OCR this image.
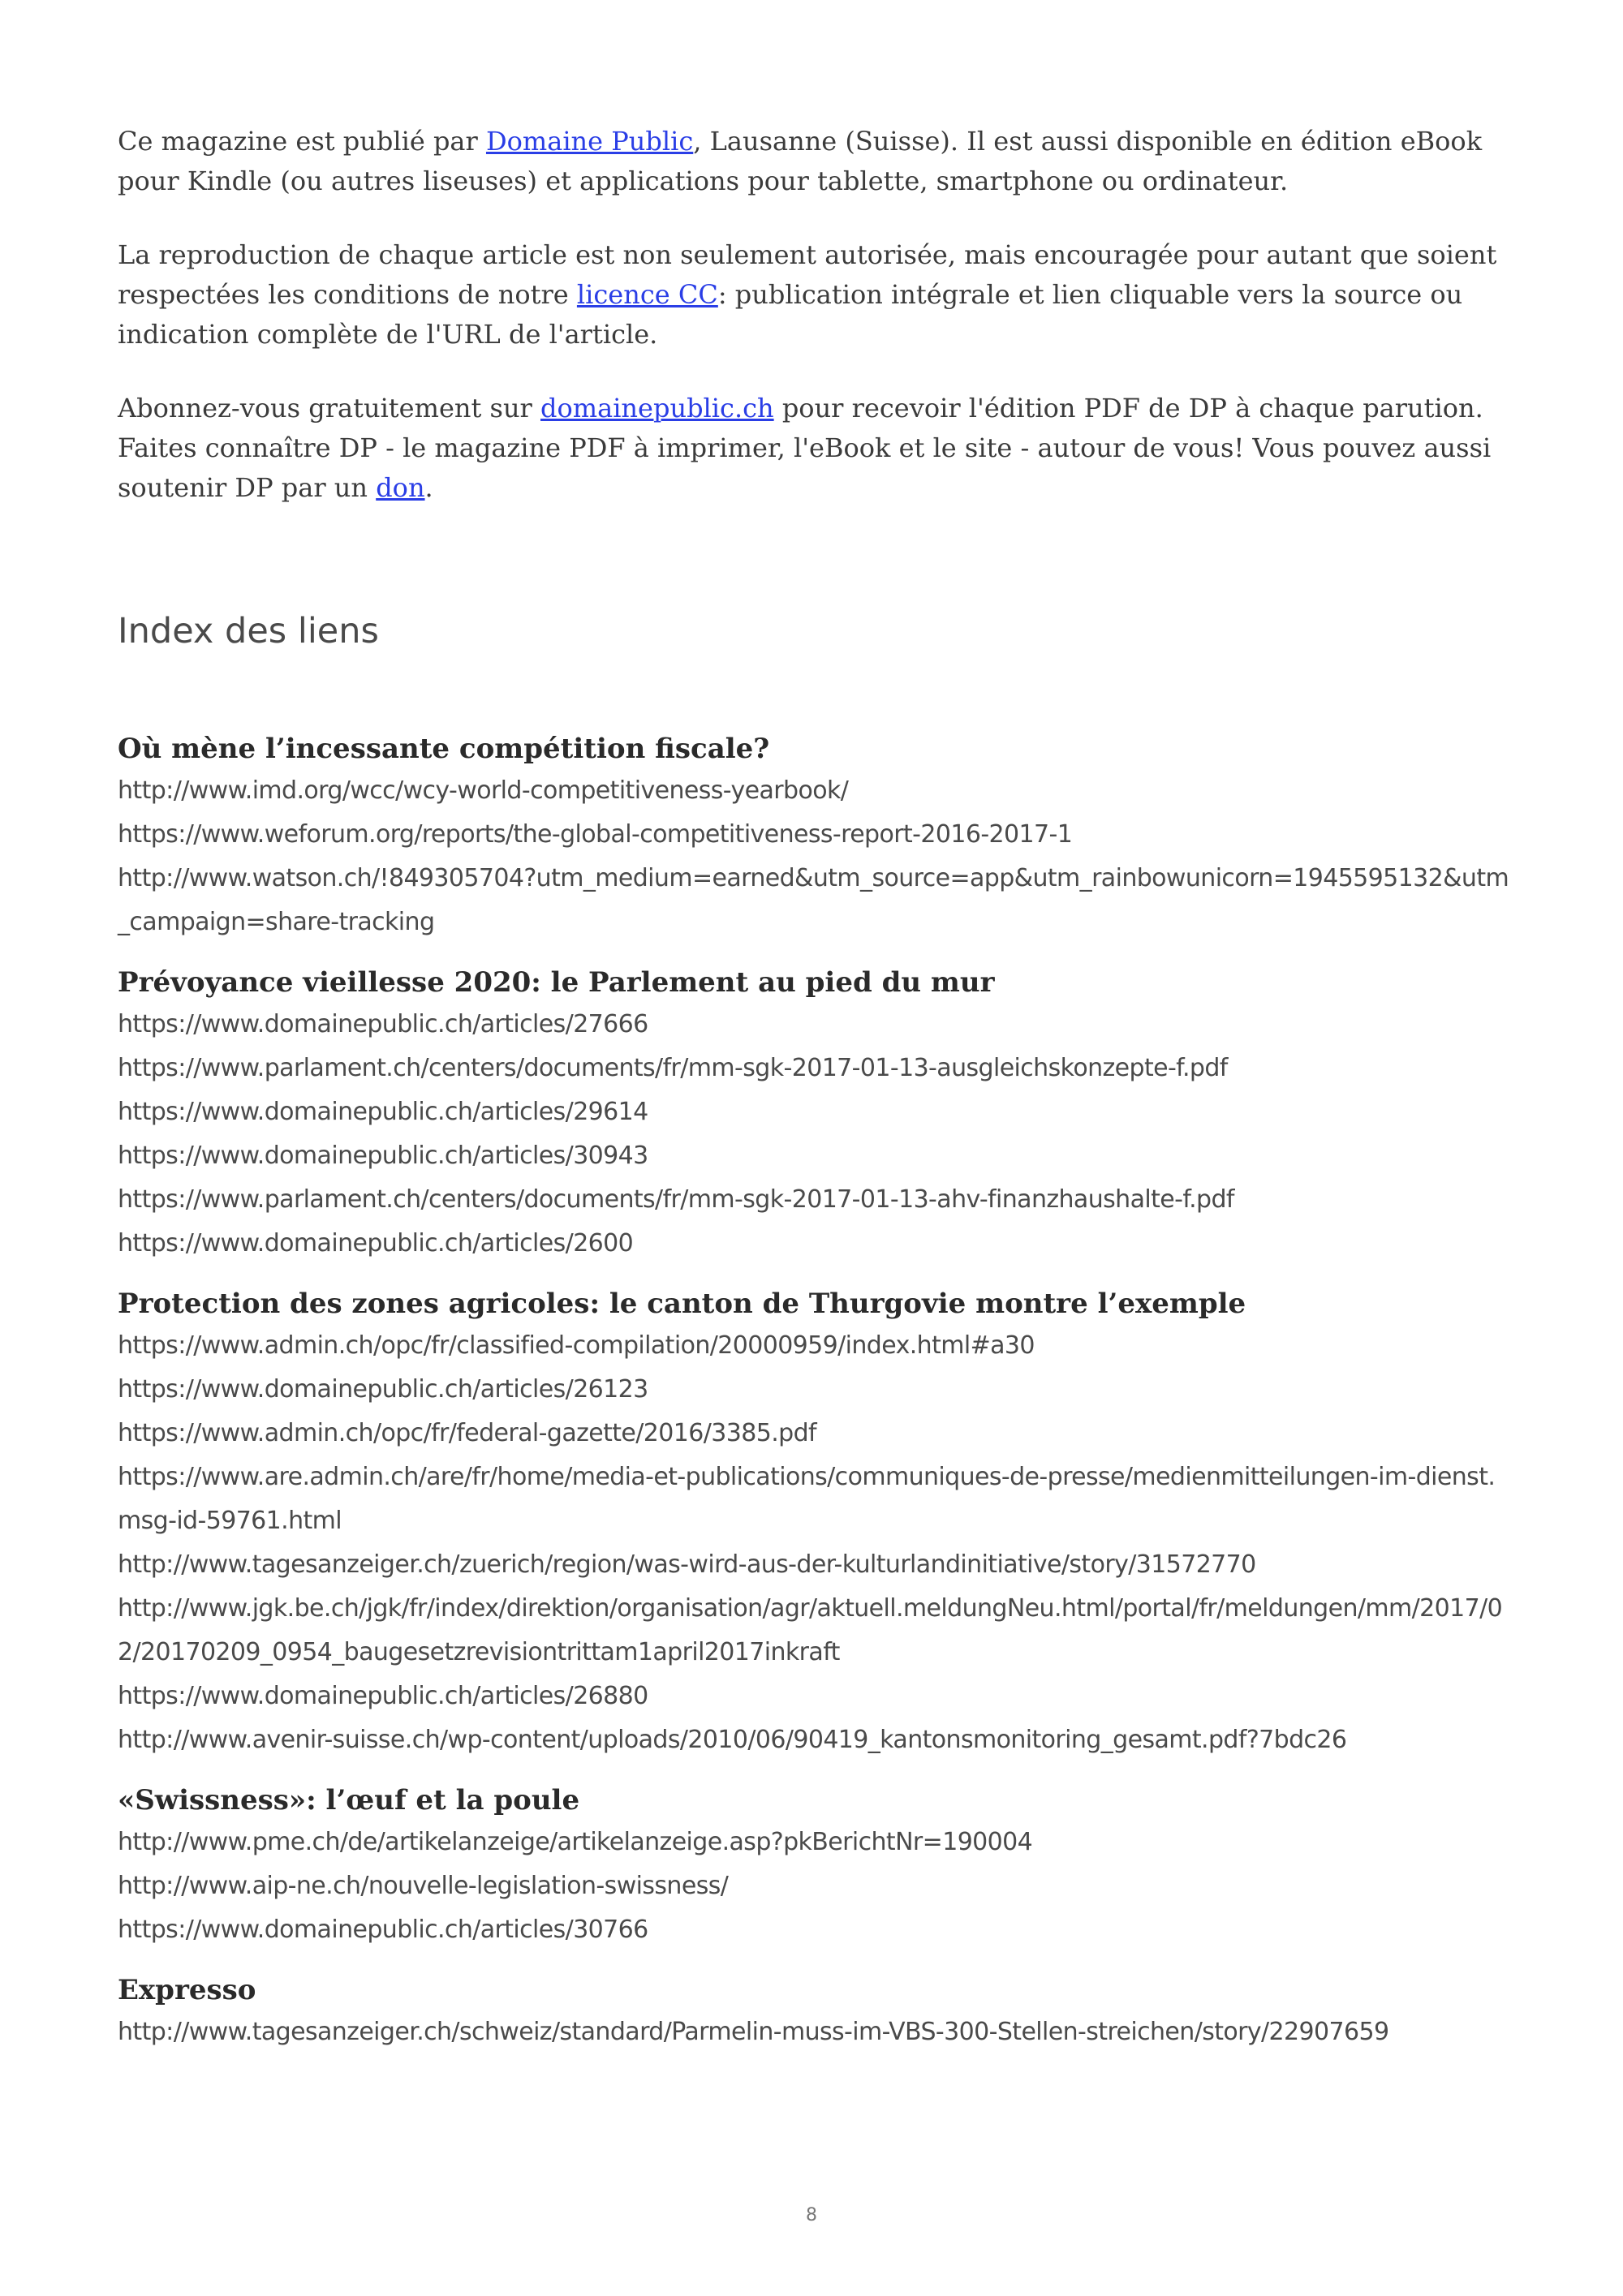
Ce magazine est publié par Domaine Public, Lausanne (Suisse). Il est aussi disponible en édition eBook pour Kindle (ou autres liseuses) et applications pour tablette, smartphone ou ordinateur.

La reproduction de chaque article est non seulement autorisée, mais encouragée pour autant que soient respectées les conditions de notre licence CC: publication intégrale et lien cliquable vers la source ou indication complète de l'URL de l'article.

Abonnez-vous gratuitement sur domainepublic.ch pour recevoir l'édition PDF de DP à chaque parution. Faites connaître DP - le magazine PDF à imprimer, l'eBook et le site - autour de vous! Vous pouvez aussi soutenir DP par un don.

Index des liens
Où mène l’incessante compétition fiscale?
http://www.imd.org/wcc/wcy-world-competitiveness-yearbook/
https://www.weforum.org/reports/the-global-competitiveness-report-2016-2017-1
http://www.watson.ch/!849305704?utm_medium=earned&utm_source=app&utm_rainbowunicorn=1945595132&utm_campaign=share-tracking
Prévoyance vieillesse 2020: le Parlement au pied du mur
https://www.domainepublic.ch/articles/27666
https://www.parlament.ch/centers/documents/fr/mm-sgk-2017-01-13-ausgleichskonzepte-f.pdf
https://www.domainepublic.ch/articles/29614
https://www.domainepublic.ch/articles/30943
https://www.parlament.ch/centers/documents/fr/mm-sgk-2017-01-13-ahv-finanzhaushalte-f.pdf
https://www.domainepublic.ch/articles/2600
Protection des zones agricoles: le canton de Thurgovie montre l’exemple
https://www.admin.ch/opc/fr/classified-compilation/20000959/index.html#a30
https://www.domainepublic.ch/articles/26123
https://www.admin.ch/opc/fr/federal-gazette/2016/3385.pdf
https://www.are.admin.ch/are/fr/home/media-et-publications/communiques-de-presse/medienmitteilungen-im-dienst.msg-id-59761.html
http://www.tagesanzeiger.ch/zuerich/region/was-wird-aus-der-kulturlandinitiative/story/31572770
http://www.jgk.be.ch/jgk/fr/index/direktion/organisation/agr/aktuell.meldungNeu.html/portal/fr/meldungen/mm/2017/02/20170209_0954_baugesetzrevisiontrittam1april2017inkraft
https://www.domainepublic.ch/articles/26880
http://www.avenir-suisse.ch/wp-content/uploads/2010/06/90419_kantonsmonitoring_gesamt.pdf?7bdc26
«Swissness»: l’œuf et la poule
http://www.pme.ch/de/artikelanzeige/artikelanzeige.asp?pkBerichtNr=190004
http://www.aip-ne.ch/nouvelle-legislation-swissness/
https://www.domainepublic.ch/articles/30766
Expresso
http://www.tagesanzeiger.ch/schweiz/standard/Parmelin-muss-im-VBS-300-Stellen-streichen/story/22907659
8
